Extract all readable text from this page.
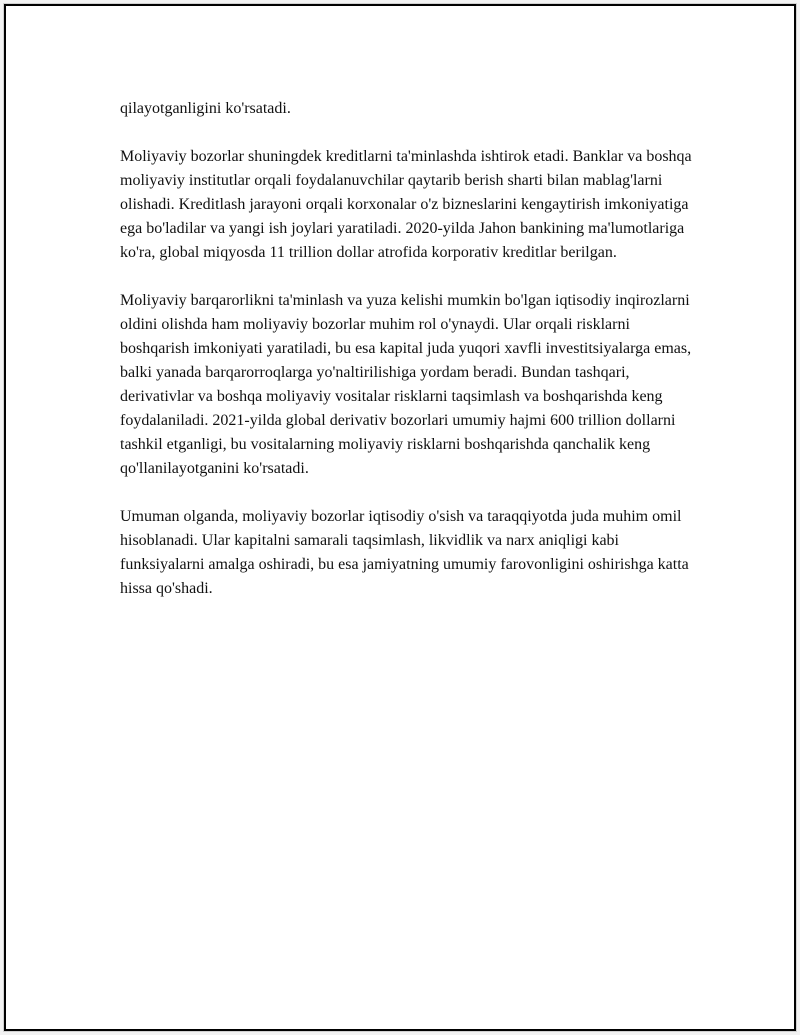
qilayotganligini ko'rsatadi.

Moliyaviy bozorlar shuningdek kreditlarni ta'minlashda ishtirok etadi. Banklar va boshqa moliyaviy institutlar orqali foydalanuvchilar qaytarib berish sharti bilan mablag'larni olishadi. Kreditlash jarayoni orqali korxonalar o'z bizneslarini kengaytirish imkoniyatiga ega bo'ladilar va yangi ish joylari yaratiladi. 2020-yilda Jahon bankining ma'lumotlariga ko'ra, global miqyosda 11 trillion dollar atrofida korporativ kreditlar berilgan.

Moliyaviy barqarorlikni ta'minlash va yuza kelishi mumkin bo'lgan iqtisodiy inqirozlarni oldini olishda ham moliyaviy bozorlar muhim rol o'ynaydi. Ular orqali risklarni boshqarish imkoniyati yaratiladi, bu esa kapital juda yuqori xavfli investitsiyalarga emas, balki yanada barqarorroqlarga yo'naltirilishiga yordam beradi. Bundan tashqari, derivativlar va boshqa moliyaviy vositalar risklarni taqsimlash va boshqarishda keng foydalaniladi. 2021-yilda global derivativ bozorlari umumiy hajmi 600 trillion dollarni tashkil etganligi, bu vositalarning moliyaviy risklarni boshqarishda qanchalik keng qo'llanilayotganini ko'rsatadi.

Umuman olganda, moliyaviy bozorlar iqtisodiy o'sish va taraqqiyotda juda muhim omil hisoblanadi. Ular kapitalni samarali taqsimlash, likvidlik va narx aniqligi kabi funksiyalarni amalga oshiradi, bu esa jamiyatning umumiy farovonligini oshirishga katta hissa qo'shadi.
